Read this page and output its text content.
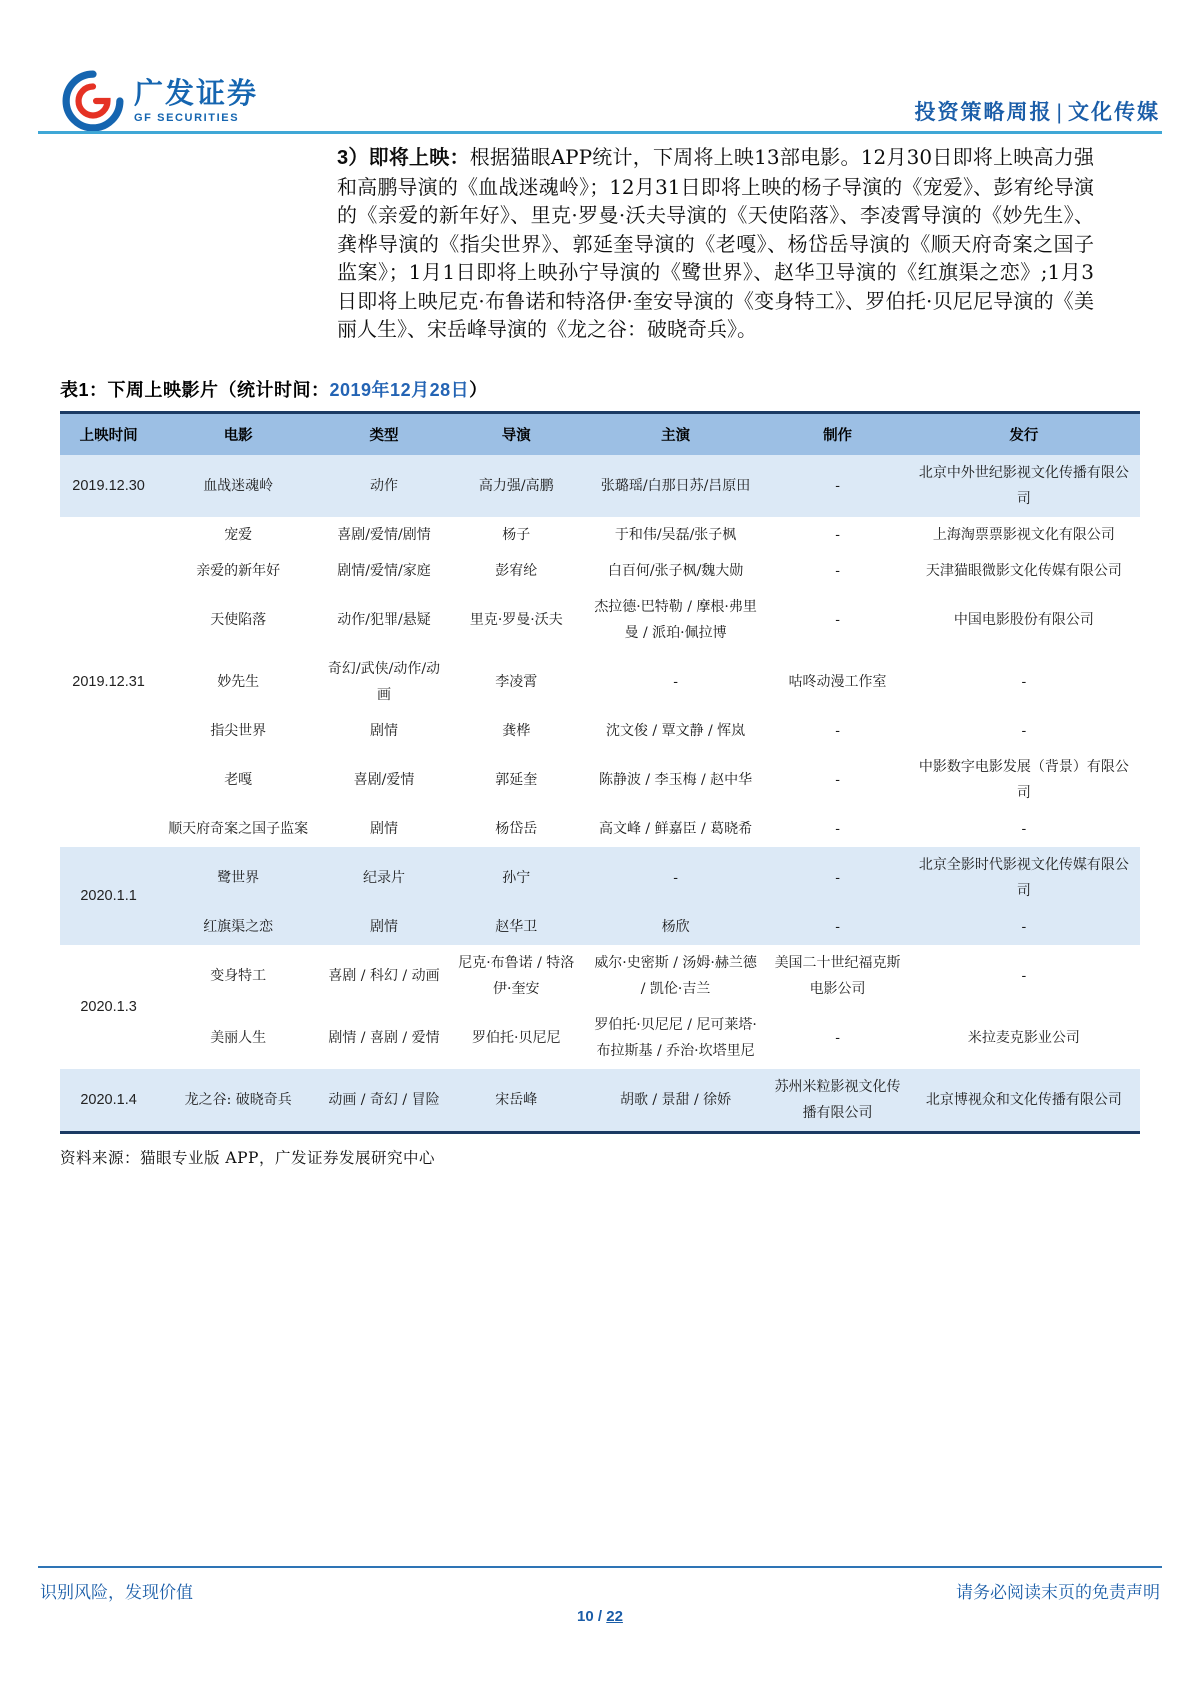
广发证券
GF SECURITIES	投资策略周报 | 文化传媒
3）即将上映：根据猫眼APP统计，下周将上映13部电影。12月30日即将上映高力强和高鹏导演的《血战迷魂岭》；12月31日即将上映的杨子导演的《宠爱》、彭宥纶导演的《亲爱的新年好》、里克·罗曼·沃夫导演的《天使陷落》、李凌霄导演的《妙先生》、龚桦导演的《指尖世界》、郭延奎导演的《老嘎》、杨岱岳导演的《顺天府奇案之国子监案》；1月1日即将上映孙宁导演的《鹭世界》、赵华卫导演的《红旗渠之恋》;1月3日即将上映尼克·布鲁诺和特洛伊·奎安导演的《变身特工》、罗伯托·贝尼尼导演的《美丽人生》、宋岳峰导演的《龙之谷：破晓奇兵》。

表1：下周上映影片（统计时间：2019年12月28日）

上映时间	电影	类型	导演	主演	制作	发行
2019.12.30	血战迷魂岭	动作	高力强/高鹏	张璐瑶/白那日苏/吕原田	-	北京中外世纪影视文化传播有限公司
2019.12.31	宠爱	喜剧/爱情/剧情	杨子	于和伟/吴磊/张子枫	-	上海淘票票影视文化有限公司
	亲爱的新年好	剧情/爱情/家庭	彭宥纶	白百何/张子枫/魏大勋	-	天津猫眼微影文化传媒有限公司
	天使陷落	动作/犯罪/悬疑	里克·罗曼·沃夫	杰拉德·巴特勒 / 摩根·弗里曼 / 派珀·佩拉博	-	中国电影股份有限公司
	妙先生	奇幻/武侠/动作/动画	李凌霄	-	咕咚动漫工作室	-
	指尖世界	剧情	龚桦	沈文俊 / 覃文静 / 恽岚	-	-
	老嘎	喜剧/爱情	郭延奎	陈静波 / 李玉梅 / 赵中华	-	中影数字电影发展（背景）有限公司
	顺天府奇案之国子监案	剧情	杨岱岳	高文峰 / 鲜嘉臣 / 葛晓希	-	-
2020.1.1	鹭世界	纪录片	孙宁	-	-	北京全影时代影视文化传媒有限公司
	红旗渠之恋	剧情	赵华卫	杨欣	-	-
2020.1.3	变身特工	喜剧 / 科幻 / 动画	尼克·布鲁诺 / 特洛伊·奎安	威尔·史密斯 / 汤姆·赫兰德 / 凯伦·吉兰	美国二十世纪福克斯电影公司	-
	美丽人生	剧情 / 喜剧 / 爱情	罗伯托·贝尼尼	罗伯托·贝尼尼 / 尼可莱塔·布拉斯基 / 乔治·坎塔里尼	-	米拉麦克影业公司
2020.1.4	龙之谷: 破晓奇兵	动画 / 奇幻 / 冒险	宋岳峰	胡歌 / 景甜 / 徐娇	苏州米粒影视文化传播有限公司	北京博视众和文化传播有限公司

资料来源：猫眼专业版 APP，广发证券发展研究中心

识别风险，发现价值	请务必阅读末页的免责声明
10 / 22
